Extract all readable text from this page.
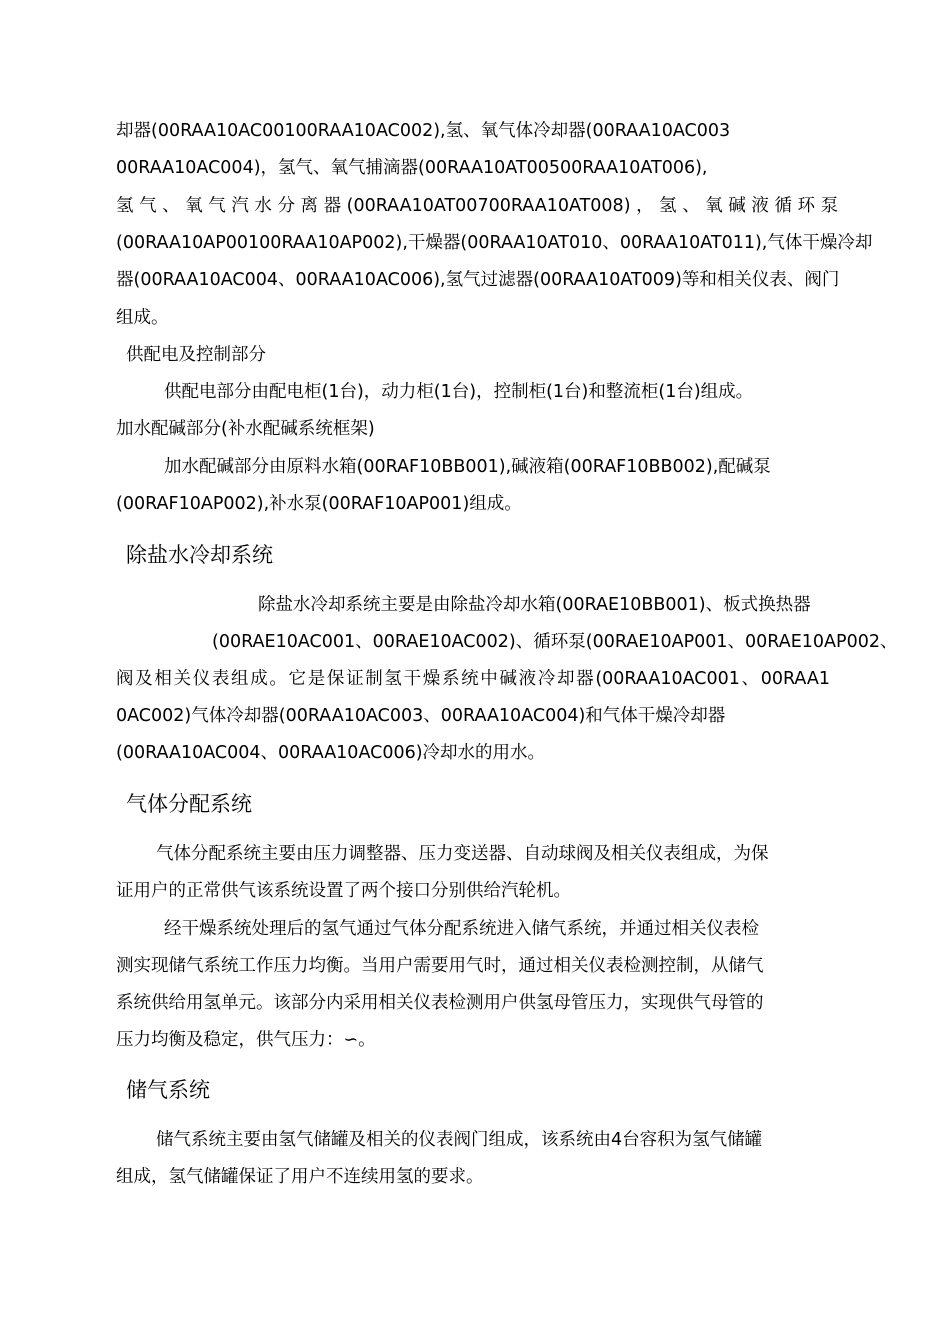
却器(00RAA10AC00100RAA10AC002),氢、氧气体冷却器(00RAA10AC003
00RAA10AC004)，氢气、氧气捕滴器(00RAA10AT00500RAA10AT006),
氢 气 、 氧 气 汽 水 分 离 器 (00RAA10AT00700RAA10AT008) ， 氢 、 氧 碱 液 循 环 泵
(00RAA10AP00100RAA10AP002),干燥器(00RAA10AT010、00RAA10AT011),气体干燥冷却
器(00RAA10AC004、00RAA10AC006),氢气过滤器(00RAA10AT009)等和相关仪表、阀门
组成。
供配电及控制部分
供配电部分由配电柜(1台)，动力柜(1台)，控制柜(1台)和整流柜(1台)组成。
加水配碱部分(补水配碱系统框架)
加水配碱部分由原料水箱(00RAF10BB001),碱液箱(00RAF10BB002),配碱泵
(00RAF10AP002),补水泵(00RAF10AP001)组成。
除盐水冷却系统
除盐水冷却系统主要是由除盐冷却水箱(00RAE10BB001)、板式换热器
(00RAE10AC001、00RAE10AC002)、循环泵(00RAE10AP001、00RAE10AP002、
阀及相关仪表组成。它是保证制氢干燥系统中碱液冷却器(00RAA10AC001、00RAA1
0AC002)气体冷却器(00RAA10AC003、00RAA10AC004)和气体干燥冷却器
(00RAA10AC004、00RAA10AC006)冷却水的用水。
气体分配系统
气体分配系统主要由压力调整器、压力变送器、自动球阀及相关仪表组成，为保
证用户的正常供气该系统设置了两个接口分别供给汽轮机。
经干燥系统处理后的氢气通过气体分配系统进入储气系统，并通过相关仪表检
测实现储气系统工作压力均衡。当用户需要用气时，通过相关仪表检测控制，从储气
系统供给用氢单元。该部分内采用相关仪表检测用户供氢母管压力，实现供气母管的
压力均衡及稳定，供气压力：∽。
储气系统
储气系统主要由氢气储罐及相关的仪表阀门组成，该系统由4台容积为氢气储罐
组成，氢气储罐保证了用户不连续用氢的要求。
